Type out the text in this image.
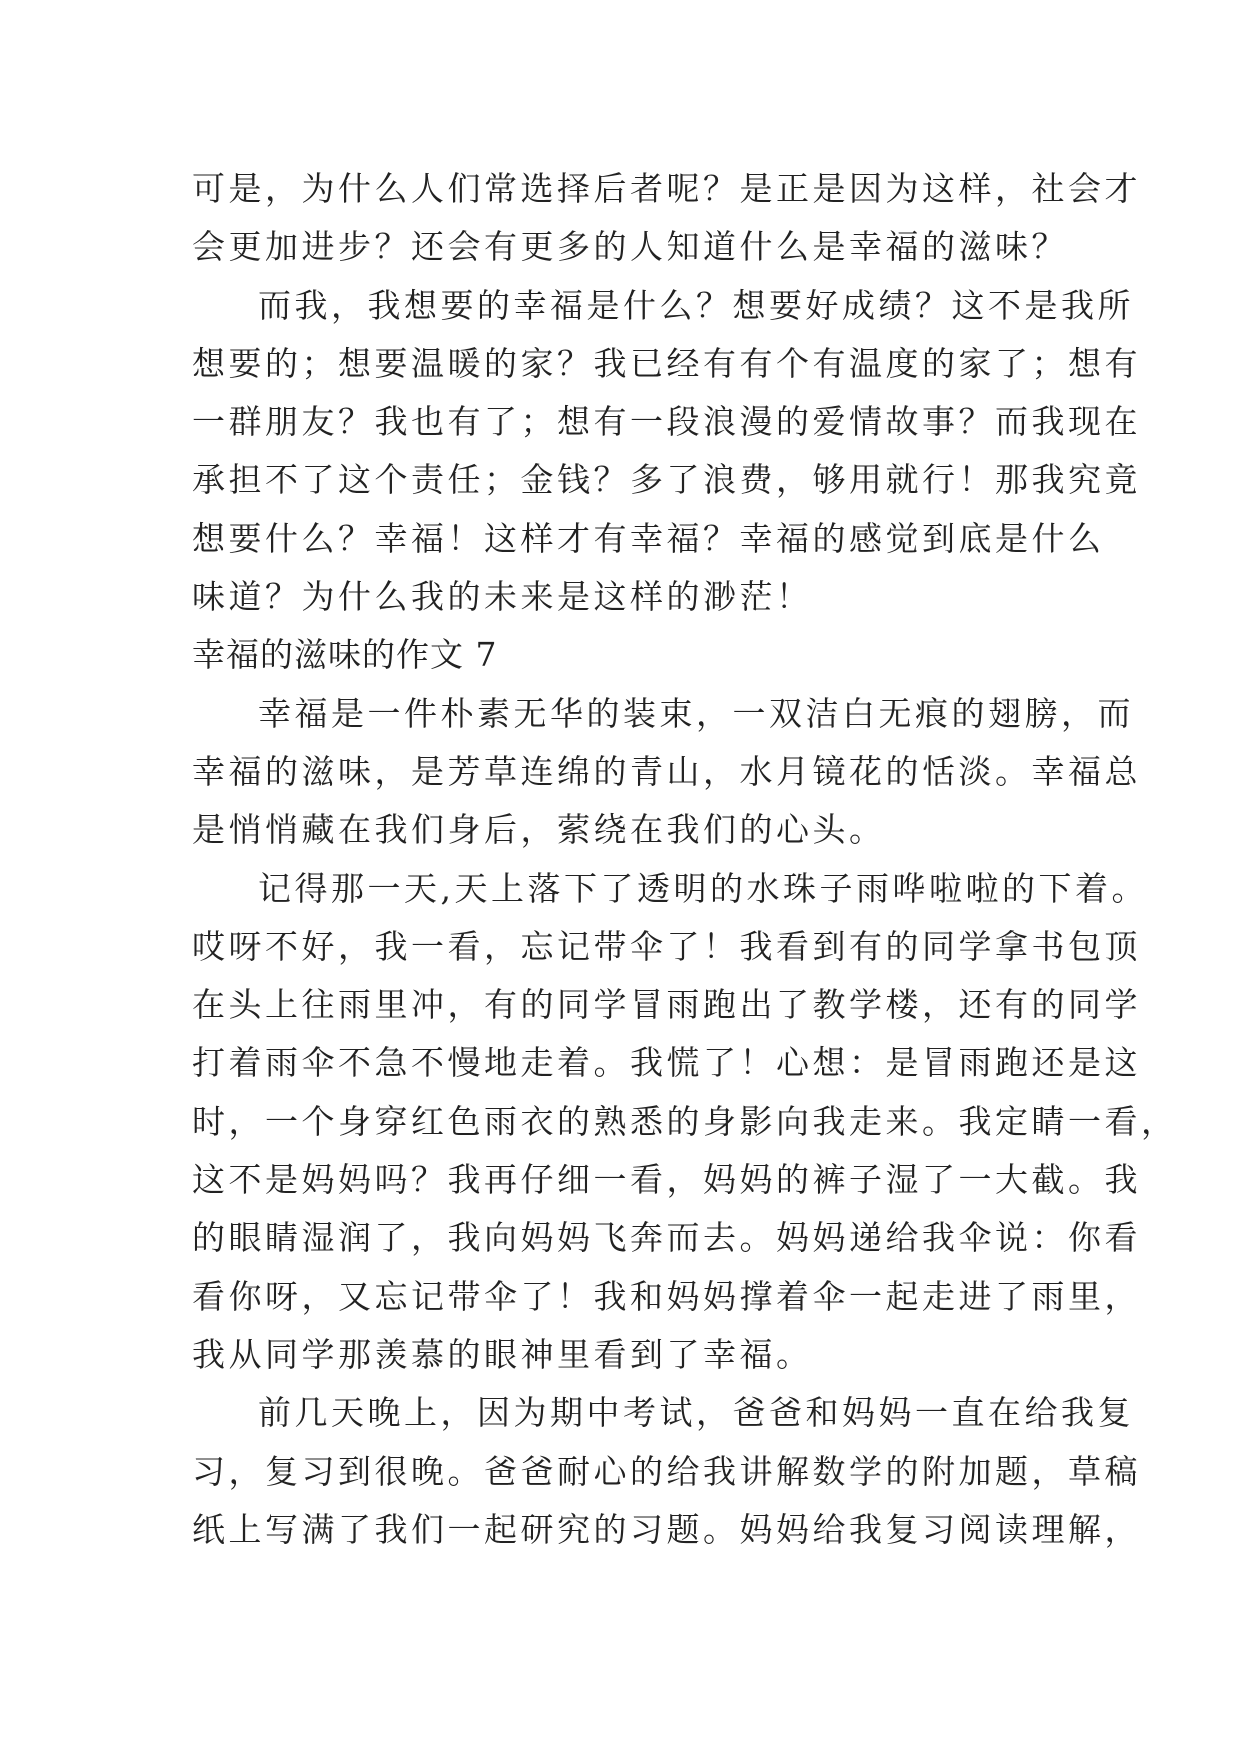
可是，为什么人们常选择后者呢？是正是因为这样，社会才
会更加进步？还会有更多的人知道什么是幸福的滋味？
而我，我想要的幸福是什么？想要好成绩？这不是我所
想要的；想要温暖的家？我已经有有个有温度的家了；想有
一群朋友？我也有了；想有一段浪漫的爱情故事？而我现在
承担不了这个责任；金钱？多了浪费，够用就行！那我究竟
想要什么？幸福！这样才有幸福？幸福的感觉到底是什么
味道？为什么我的未来是这样的渺茫！
幸福的滋味的作文 7
幸福是一件朴素无华的装束，一双洁白无痕的翅膀，而
幸福的滋味，是芳草连绵的青山，水月镜花的恬淡。幸福总
是悄悄藏在我们身后，萦绕在我们的心头。
记得那一天,天上落下了透明的水珠子雨哗啦啦的下着。
哎呀不好，我一看，忘记带伞了！我看到有的同学拿书包顶
在头上往雨里冲，有的同学冒雨跑出了教学楼，还有的同学
打着雨伞不急不慢地走着。我慌了！心想：是冒雨跑还是这
时，一个身穿红色雨衣的熟悉的身影向我走来。我定睛一看，
这不是妈妈吗？我再仔细一看，妈妈的裤子湿了一大截。我
的眼睛湿润了，我向妈妈飞奔而去。妈妈递给我伞说：你看
看你呀，又忘记带伞了！我和妈妈撑着伞一起走进了雨里，
我从同学那羡慕的眼神里看到了幸福。
前几天晚上，因为期中考试，爸爸和妈妈一直在给我复
习，复习到很晚。爸爸耐心的给我讲解数学的附加题，草稿
纸上写满了我们一起研究的习题。妈妈给我复习阅读理解，
